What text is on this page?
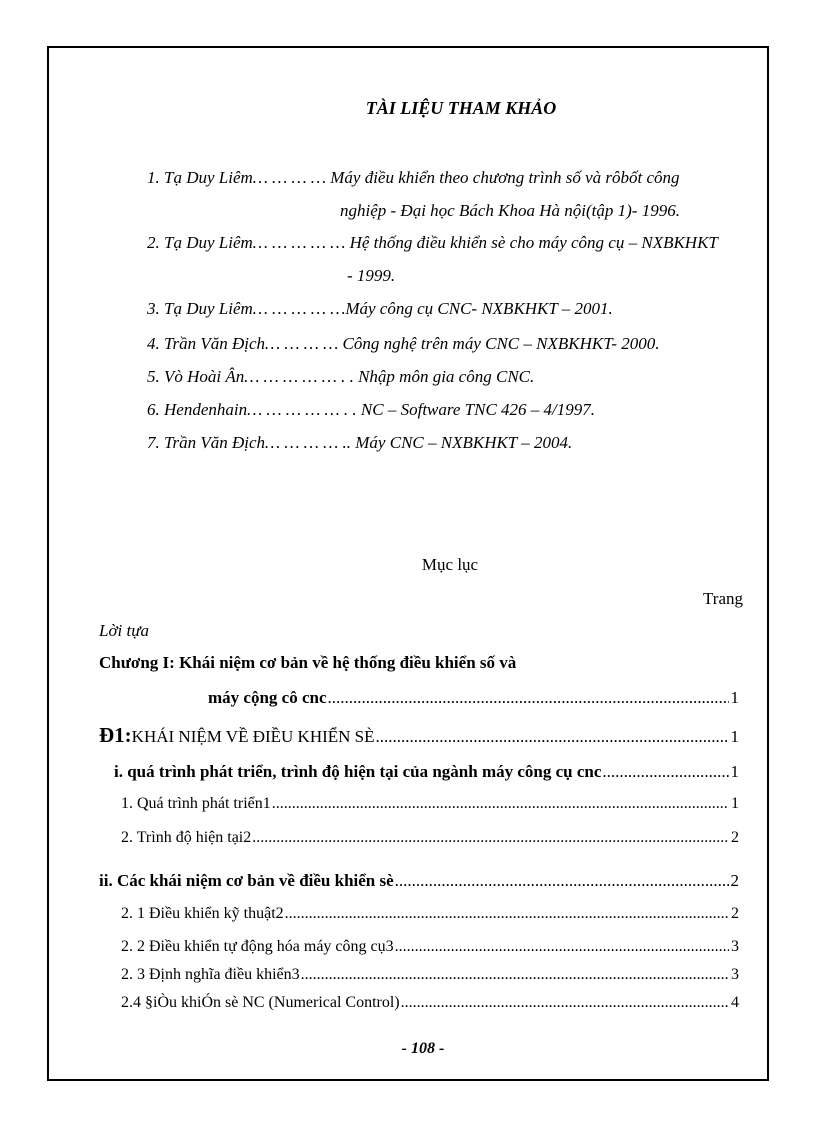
TÀI LIỆU THAM KHẢO
1. Tạ Duy Liêm… … … … Máy điều khiển theo chương trình số và rôbốt công
nghiệp - Đại học Bách Khoa Hà nội(tập 1)- 1996.
2. Tạ Duy Liêm… … … … … Hệ thống điều khiển sè cho máy công cụ – NXBKHKT
- 1999.
3. Tạ Duy Liêm… … … … …Máy công cụ CNC- NXBKHKT – 2001.
4. Trần Văn Địch… … … … Công nghệ trên máy CNC – NXBKHKT- 2000.
5. Vò Hoài Ân… … … … … . . Nhập môn gia công CNC.
6. Hendenhain… … … … … . . NC – Software TNC 426 – 4/1997.
7. Trần Văn Địch… … … … .. Máy CNC – NXBKHKT – 2004.
Mục lục
Trang
Lời tựa
Chương I: Khái niệm cơ bản về hệ thống điều khiển số và
máy cộng cô cnc .....	1
Đ1: KHÁI NIỆM VỀ ĐIỀU KHIỂN SÈ .....	1
i. quá trình phát triển, trình độ hiện tại của ngành máy công cụ cnc .....	1
1. Quá trình phát triển1 .....	1
2. Trình độ hiện tại2 .....	2
ii. Các khái niệm cơ bản về điều khiển sè .....	2
2. 1 Điều khiển kỹ thuật2 .....	2
2. 2 Điều khiển tự động hóa máy công cụ3 .....	3
2. 3 Định nghĩa điều khiển3 .....	3
2.4 §iÒu khiÓn sè NC (Numerical Control) .....	4
- 108 -
